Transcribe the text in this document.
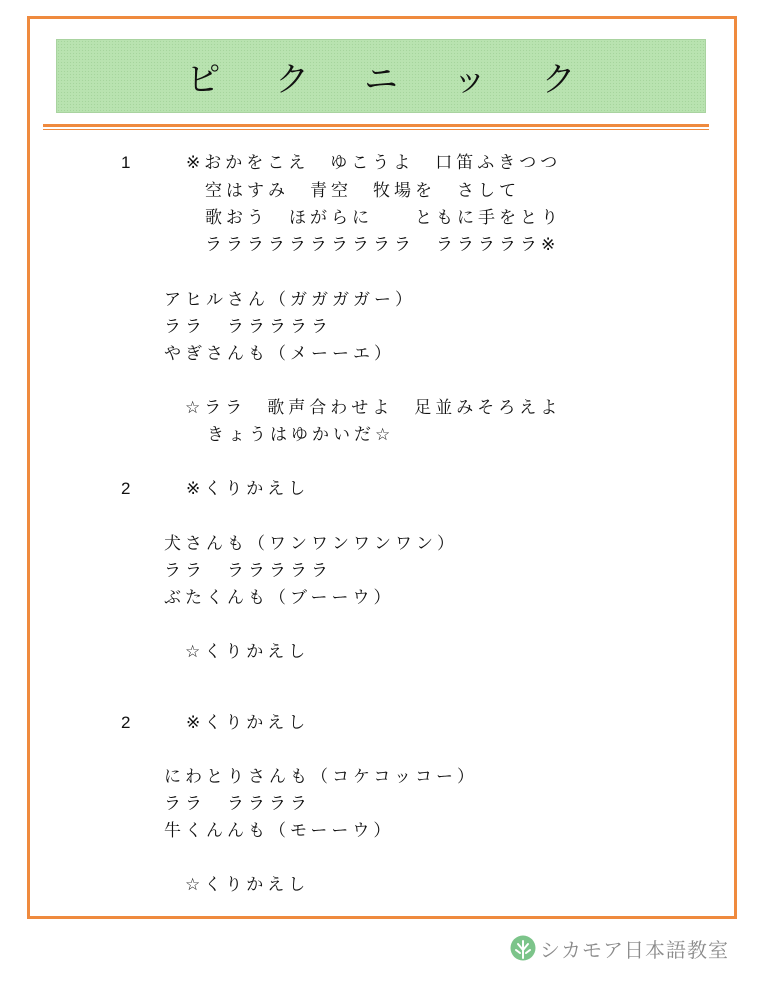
ピ ク ニ ッ ク
1	※おかをこえ　ゆこうよ　口笛ふきつつ
空はすみ　青空　牧場を　さして
歌おう　ほがらに　　ともに手をとり
ララララララララララ　ラララララ※
アヒルさん（ガガガガー）
ララ　ラララララ
やぎさんも（メーーエ）
☆ララ　歌声合わせよ　足並みそろえよ
きょうはゆかいだ☆
2	※くりかえし
犬さんも（ワンワンワンワン）
ララ　ラララララ
ぶたくんも（ブーーウ）
☆くりかえし
2	※くりかえし
にわとりさんも（コケコッコー）
ララ　ララララ
牛くんんも（モーーウ）
☆くりかえし
シカモア日本語教室
